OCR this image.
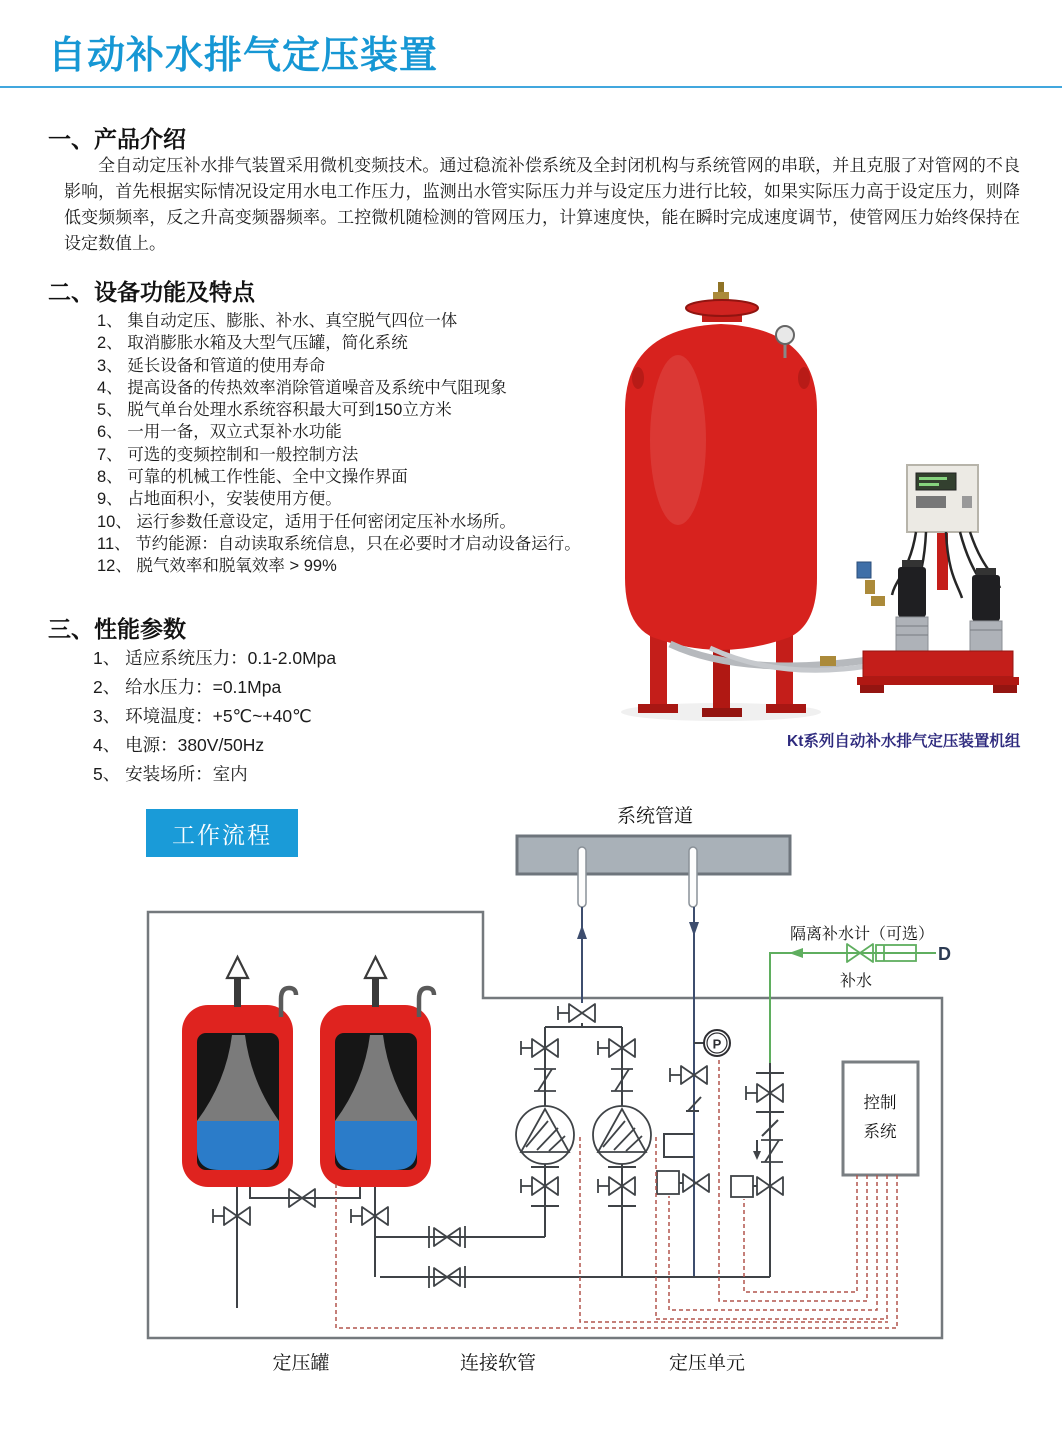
自动补水排气定压装置
一、产品介绍
全自动定压补水排气装置采用微机变频技术。通过稳流补偿系统及全封闭机构与系统管网的串联，并且克服了对管网的不良影响，首先根据实际情况设定用水电工作压力，监测出水管实际压力并与设定压力进行比较，如果实际压力高于设定压力，则降低变频频率，反之升高变频器频率。工控微机随检测的管网压力，计算速度快，能在瞬时完成速度调节，使管网压力始终保持在设定数值上。
二、设备功能及特点
1、 集自动定压、膨胀、补水、真空脱气四位一体
2、 取消膨胀水箱及大型气压罐，简化系统
3、 延长设备和管道的使用寿命
4、 提高设备的传热效率消除管道噪音及系统中气阻现象
5、 脱气单台处理水系统容积最大可到150立方米
6、 一用一备，双立式泵补水功能
7、 可选的变频控制和一般控制方法
8、 可靠的机械工作性能、全中文操作界面
9、 占地面积小，安装使用方便。
10、 运行参数任意设定，适用于任何密闭定压补水场所。
11、 节约能源：自动读取系统信息，只在必要时才启动设备运行。
12、 脱气效率和脱氧效率 > 99%
三、性能参数
1、 适应系统压力：0.1-2.0Mpa
2、 给水压力：=0.1Mpa
3、 环境温度：+5℃~+40℃
4、 电源：380V/50Hz
5、 安装场所：室内
Kt系列自动补水排气定压装置机组
工作流程
系统管道
D
隔离补水计（可选）
补水
P
控制
系统
定压罐	连接软管	定压单元
